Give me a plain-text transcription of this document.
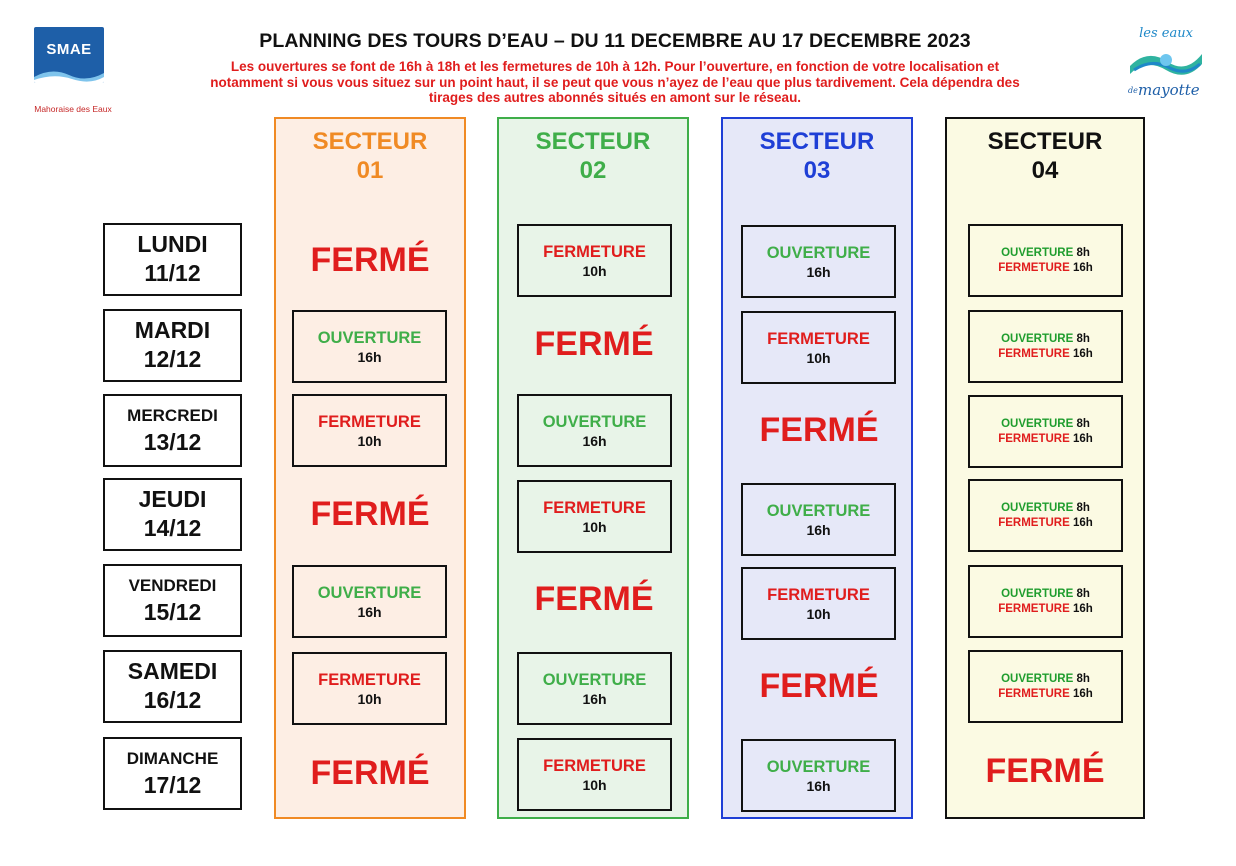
SMAE
Mahoraise des Eaux
les eaux
de mayotte
PLANNING DES TOURS D’EAU – DU 11 DECEMBRE AU 17 DECEMBRE 2023
Les ouvertures se font de 16h à 18h et les fermetures de 10h à 12h. Pour l’ouverture, en fonction de votre localisation et
notamment si vous vous situez sur un point haut, il se peut que vous n’ayez de l’eau que plus tardivement. Cela dépendra des
tirages des autres abonnés situés en amont sur le réseau.
LUNDI
11/12
MARDI
12/12
MERCREDI
13/12
JEUDI
14/12
VENDREDI
15/12
SAMEDI
16/12
DIMANCHE
17/12
SECTEUR
01
FERMÉ
OUVERTURE
16h
FERMETURE
10h
FERMÉ
OUVERTURE
16h
FERMETURE
10h
FERMÉ
SECTEUR
02
FERMETURE
10h
FERMÉ
OUVERTURE
16h
FERMETURE
10h
FERMÉ
OUVERTURE
16h
FERMETURE
10h
SECTEUR
03
OUVERTURE
16h
FERMETURE
10h
FERMÉ
OUVERTURE
16h
FERMETURE
10h
FERMÉ
OUVERTURE
16h
SECTEUR
04
OUVERTURE 8h
FERMETURE 16h
OUVERTURE 8h
FERMETURE 16h
OUVERTURE 8h
FERMETURE 16h
OUVERTURE 8h
FERMETURE 16h
OUVERTURE 8h
FERMETURE 16h
OUVERTURE 8h
FERMETURE 16h
FERMÉ
